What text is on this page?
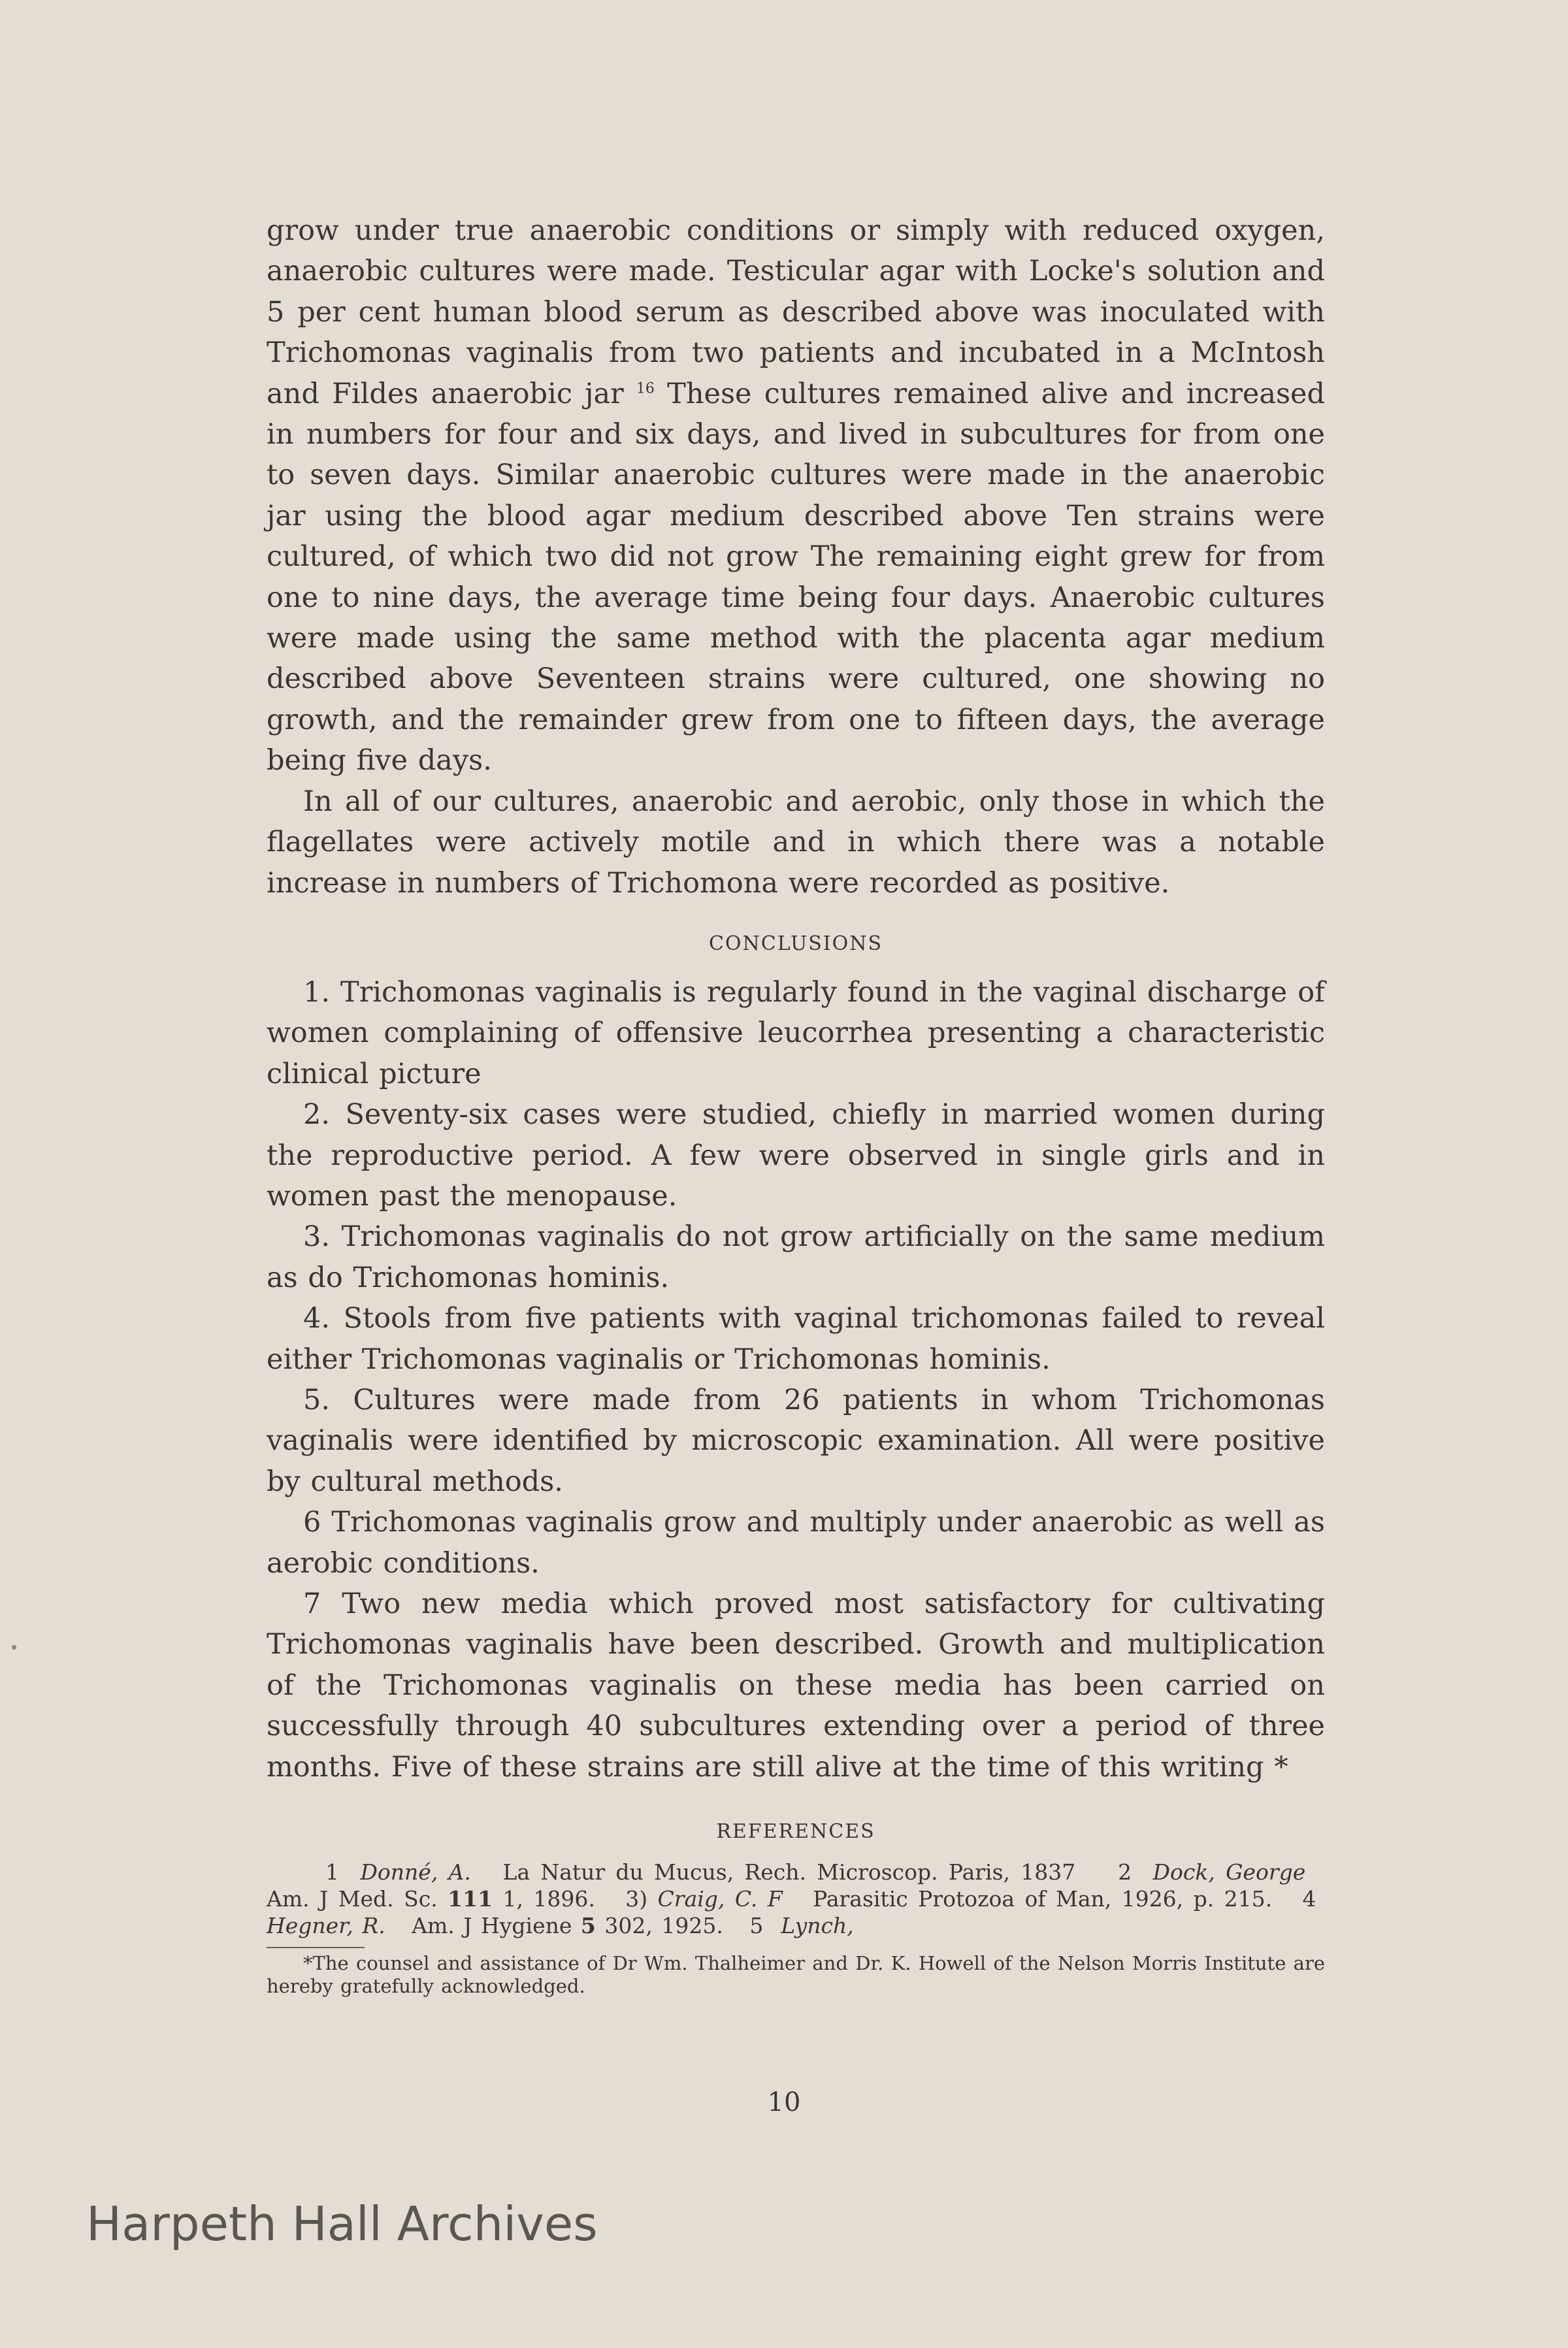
grow under true anaerobic conditions or simply with reduced oxygen, anaerobic cultures were made. Testicular agar with Locke's solution and 5 per cent human blood serum as described above was inoculated with Trichomonas vaginalis from two patients and incubated in a McIntosh and Fildes anaerobic jar $^{16}$ These cultures remained alive and increased in numbers for four and six days, and lived in subcultures for from one to seven days. Similar anaerobic cultures were made in the anaerobic jar using the blood agar medium described above Ten strains were cultured, of which two did not grow The remaining eight grew for from one to nine days, the average time being four days. Anaerobic cultures were made using the same method with the placenta agar medium described above Seventeen strains were cultured, one showing no growth, and the remainder grew from one to fifteen days, the average being five days.

In all of our cultures, anaerobic and aerobic, only those in which the flagellates were actively motile and in which there was a notable increase in numbers of Trichomona were recorded as positive.

CONCLUSIONS

1. Trichomonas vaginalis is regularly found in the vaginal discharge of women complaining of offensive leucorrhea presenting a characteristic clinical picture

2. Seventy-six cases were studied, chiefly in married women during the reproductive period. A few were observed in single girls and in women past the menopause.

3. Trichomonas vaginalis do not grow artificially on the same medium as do Trichomonas hominis.

4. Stools from five patients with vaginal trichomonas failed to reveal either Trichomonas vaginalis or Trichomonas hominis.

5. Cultures were made from 26 patients in whom Trichomonas vaginalis were identified by microscopic examination. All were positive by cultural methods.

6 Trichomonas vaginalis grow and multiply under anaerobic as well as aerobic conditions.

7 Two new media which proved most satisfactory for cultivating Trichomonas vaginalis have been described. Growth and multiplication of the Trichomonas vaginalis on these media has been carried on successfully through 40 subcultures extending over a period of three months. Five of these strains are still alive at the time of this writing *

REFERENCES

1 Donné, A. La Natur du Mucus, Rech. Microscop. Paris, 1837 2 Dock, George   Am. J Med. Sc. 111 1, 1896. 3) Craig, C. F Parasitic Protozoa of Man, 1926, p. 215. 4  Hegner, R. Am. J Hygiene 5 302, 1925. 5 Lynch,

*The counsel and assistance of Dr Wm. Thalheimer and Dr. K. Howell of the Nelson Morris Institute are hereby gratefully acknowledged.

10
Harpeth Hall Archives
